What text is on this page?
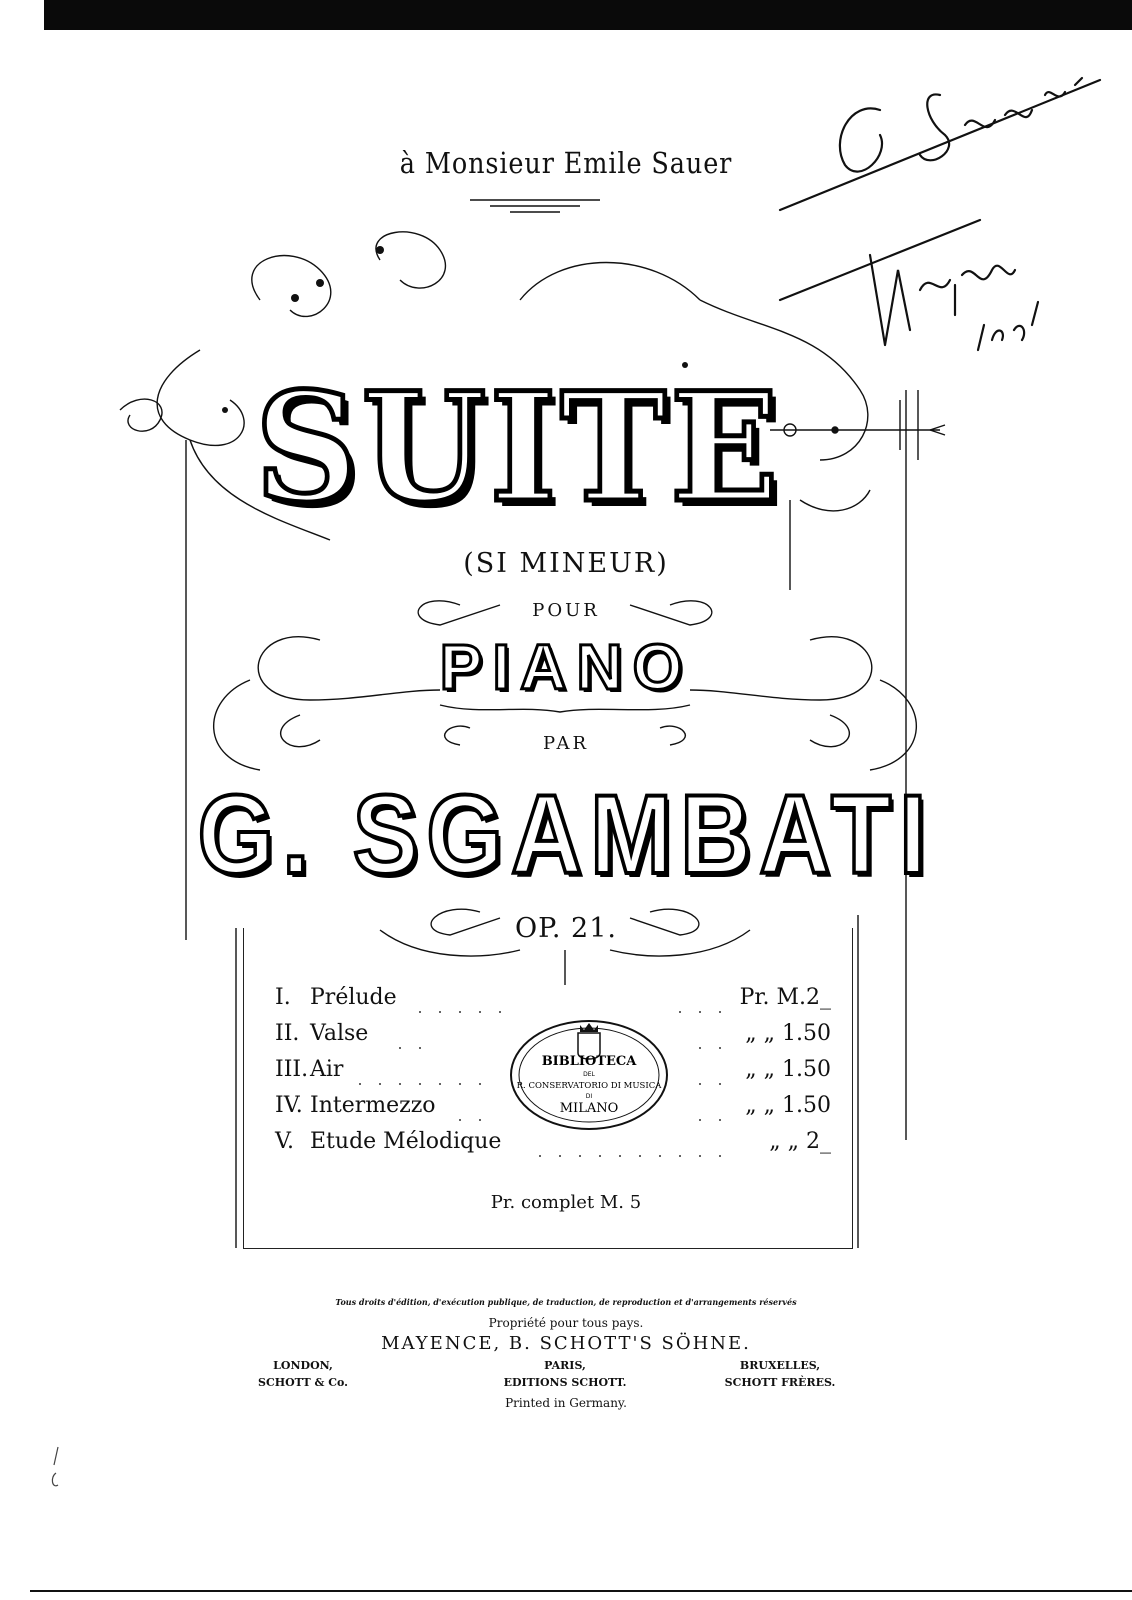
à Monsieur Emile Sauer
SUITE
(SI MINEUR)
POUR
PIANO
PAR
G. SGAMBATI
OP. 21.
I. Prélude	Pr. M.2_
II. Valse	„ „ 1.50
III. Air	„ „ 1.50
IV. Intermezzo	„ „ 1.50
V. Etude Mélodique	„ „ 2_
Pr. complet M. 5
BIBLIOTECA
DEL
R. CONSERVATORIO DI MUSICA
DI
MILANO
Tous droits d'édition, d'exécution publique, de traduction, de reproduction et d'arrangements réservés
Propriété pour tous pays.
MAYENCE, B. SCHOTT'S SÖHNE.
LONDON,
SCHOTT & Co.
PARIS,
EDITIONS SCHOTT.
BRUXELLES,
SCHOTT FRÈRES.
Printed in Germany.
